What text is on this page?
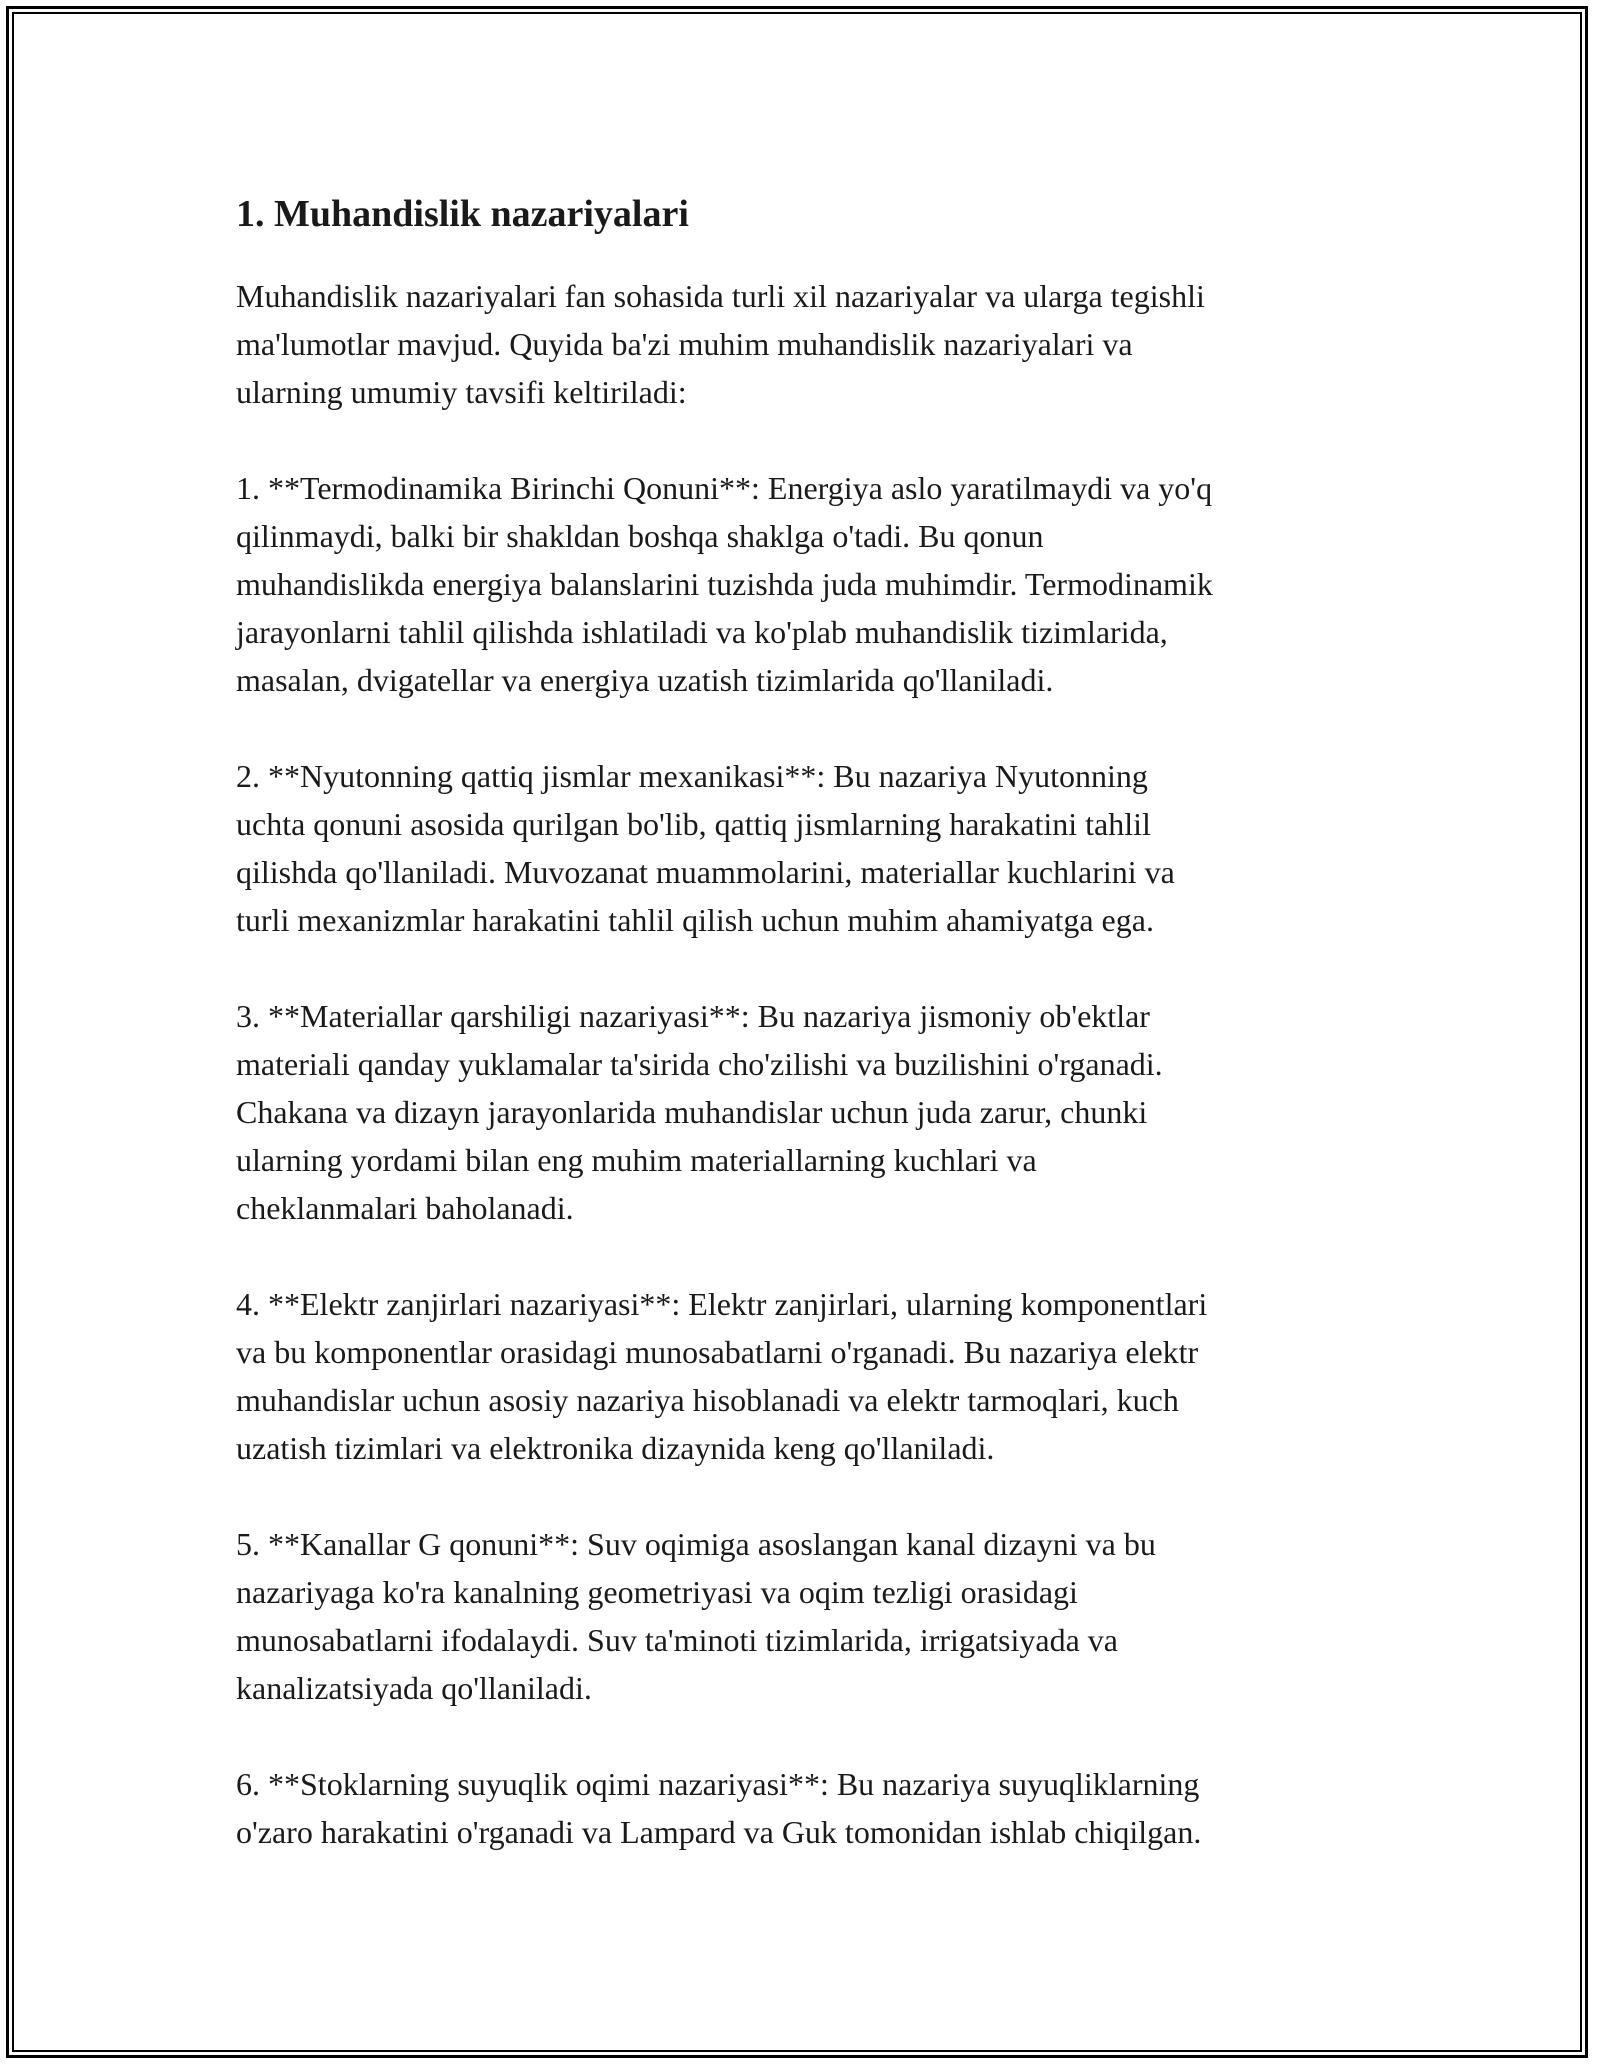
1. Muhandislik nazariyalari

Muhandislik nazariyalari fan sohasida turli xil nazariyalar va ularga tegishli
ma'lumotlar mavjud. Quyida ba'zi muhim muhandislik nazariyalari va
ularning umumiy tavsifi keltiriladi:

1. **Termodinamika Birinchi Qonuni**: Energiya aslo yaratilmaydi va yo'q
qilinmaydi, balki bir shakldan boshqa shaklga o'tadi. Bu qonun
muhandislikda energiya balanslarini tuzishda juda muhimdir. Termodinamik
jarayonlarni tahlil qilishda ishlatiladi va ko'plab muhandislik tizimlarida,
masalan, dvigatellar va energiya uzatish tizimlarida qo'llaniladi.

2. **Nyutonning qattiq jismlar mexanikasi**: Bu nazariya Nyutonning
uchta qonuni asosida qurilgan bo'lib, qattiq jismlarning harakatini tahlil
qilishda qo'llaniladi. Muvozanat muammolarini, materiallar kuchlarini va
turli mexanizmlar harakatini tahlil qilish uchun muhim ahamiyatga ega.

3. **Materiallar qarshiligi nazariyasi**: Bu nazariya jismoniy ob'ektlar
materiali qanday yuklamalar ta'sirida cho'zilishi va buzilishini o'rganadi.
Chakana va dizayn jarayonlarida muhandislar uchun juda zarur, chunki
ularning yordami bilan eng muhim materiallarning kuchlari va
cheklanmalari baholanadi.

4. **Elektr zanjirlari nazariyasi**: Elektr zanjirlari, ularning komponentlari
va bu komponentlar orasidagi munosabatlarni o'rganadi. Bu nazariya elektr
muhandislar uchun asosiy nazariya hisoblanadi va elektr tarmoqlari, kuch
uzatish tizimlari va elektronika dizaynida keng qo'llaniladi.

5. **Kanallar G qonuni**: Suv oqimiga asoslangan kanal dizayni va bu
nazariyaga ko'ra kanalning geometriyasi va oqim tezligi orasidagi
munosabatlarni ifodalaydi. Suv ta'minoti tizimlarida, irrigatsiyada va
kanalizatsiyada qo'llaniladi.

6. **Stoklarning suyuqlik oqimi nazariyasi**: Bu nazariya suyuqliklarning
o'zaro harakatini o'rganadi va Lampard va Guk tomonidan ishlab chiqilgan.
